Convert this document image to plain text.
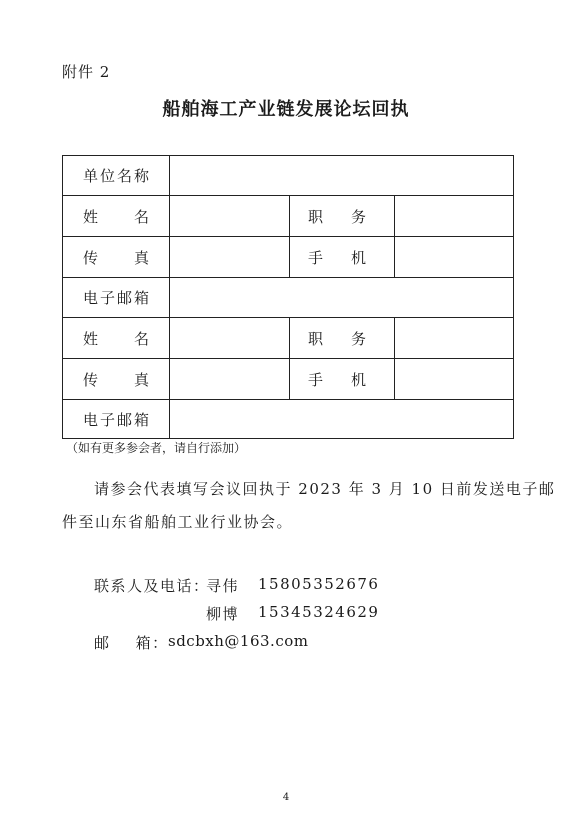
附件 2
船舶海工产业链发展论坛回执
单位名称
姓 名	职 务
传 真	手 机
电子邮箱
姓 名	职 务
传 真	手 机
电子邮箱
（如有更多参会者，请自行添加）
请参会代表填写会议回执于 2023 年 3 月 10 日前发送电子邮
件至山东省船舶工业行业协会。
联系人及电话：
寻伟 15805352676
柳博 15345324629
邮    箱： sdcbxh@163.com
4
